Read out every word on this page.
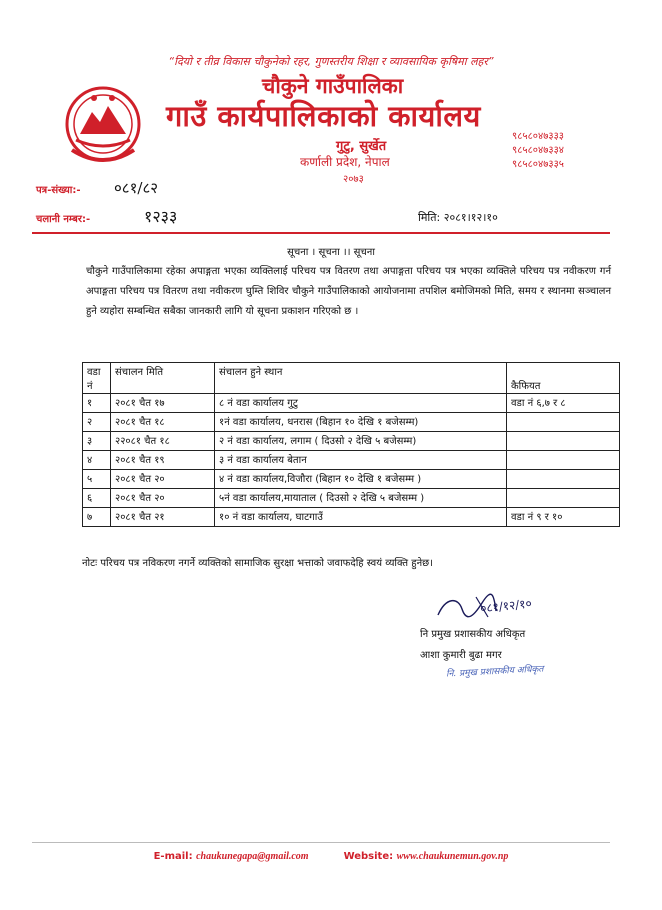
“दियो र तीव्र विकास चौकुनेको रहर, गुणस्तरीय शिक्षा र व्यावसायिक कृषिमा लहर”
चौकुने गाउँपालिका
गाउँ कार्यपालिकाको कार्यालय
गुटु, सुर्खेत
कर्णाली प्रदेश, नेपाल
२०७३
९८५८०४७३३३
९८५८०४७३३४
९८५८०४७३३५
पत्र-संख्या:- ०८१/८२
चलानी नम्बर:-	१२३३	मिति: २०८१।१२।१०
सूचना । सूचना ।। सूचना
चौकुने गाउँपालिकामा रहेका अपाङ्गता भएका व्यक्तिलाई परिचय पत्र वितरण तथा अपाङ्गता परिचय पत्र भएका व्यक्तिले परिचय पत्र नवीकरण गर्न अपाङ्गता परिचय पत्र वितरण तथा नवीकरण घुम्ति शिविर चौकुने गाउँपालिकाको आयोजनामा तपशिल बमोजिमको मिति, समय र स्थानमा सञ्चालन हुने व्यहोरा सम्बन्धित सबैका जानकारी लागि यो सूचना प्रकाशन गरिएको छ ।
वडा नं	संचालन मिति	संचालन हुने स्थान	कैफियत
१	२०८१ चैत १७	८ नं वडा कार्यालय गुटु	वडा नं ६,७ र ८
२	२०८१ चैत १८	१नं वडा कार्यालय, धनरास (बिहान १० देखि १ बजेसम्म)	
३	२२०८१ चैत १८	२ नं वडा कार्यालय, लगाम ( दिउसो २ देखि ५ बजेसम्म)	
४	२०८१ चैत १९	३ नं वडा कार्यालय बेतान	
५	२०८१ चैत २०	४ नं वडा कार्यालय,विजौरा (बिहान १० देखि १ बजेसम्म )	
६	२०८१ चैत २०	५नं वडा कार्यालय,मायाताल ( दिउसो २ देखि ५ बजेसम्म )	
७	२०८१ चैत २१	१० नं वडा कार्यालय, घाटगाउँ	वडा नं ९ र १०
नोटः परिचय पत्र नविकरण नगर्ने व्यक्तिको सामाजिक सुरक्षा भत्ताको जवाफदेहि स्वयं व्यक्ति हुनेछ।
०८१/१२/१०
नि प्रमुख प्रशासकीय अधिकृत
आशा कुमारी बुढा मगर
नि. प्रमुख प्रशासकीय अधिकृत
E-mail: chaukunegapa@gmail.com	Website: www.chaukunemun.gov.np
